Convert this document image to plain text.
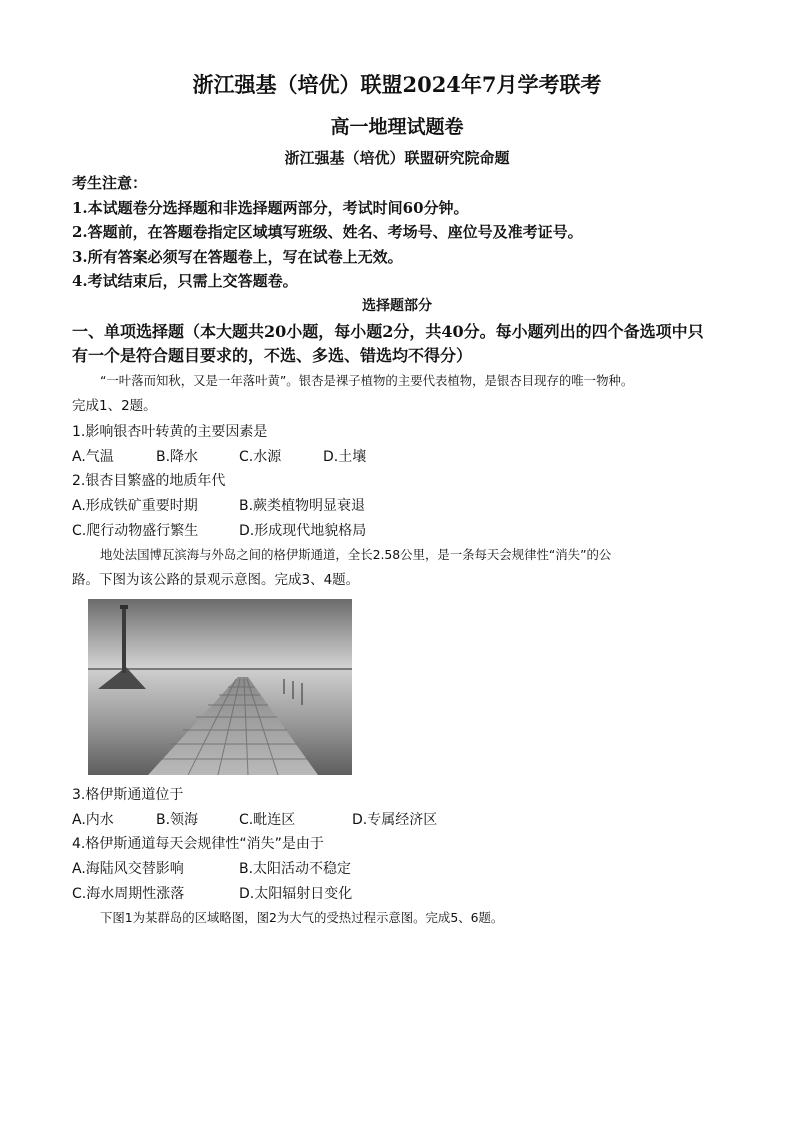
浙江强基（培优）联盟2024年7月学考联考
高一地理试题卷
浙江强基（培优）联盟研究院命题
考生注意：
1.本试题卷分选择题和非选择题两部分，考试时间60分钟。
2.答题前，在答题卷指定区域填写班级、姓名、考场号、座位号及准考证号。
3.所有答案必须写在答题卷上，写在试卷上无效。
4.考试结束后，只需上交答题卷。
选择题部分
一、单项选择题（本大题共20小题，每小题2分，共40分。每小题列出的四个备选项中只
有一个是符合题目要求的，不选、多选、错选均不得分）
“一叶落而知秋，又是一年落叶黄”。银杏是裸子植物的主要代表植物，是银杏目现存的唯一物种。
完成1、2题。
1.影响银杏叶转黄的主要因素是
A.气温	B.降水	C.水源	D.土壤
2.银杏目繁盛的地质年代
A.形成铁矿重要时期	B.蕨类植物明显衰退
C.爬行动物盛行繁生	D.形成现代地貌格局
地处法国博瓦滨海与外岛之间的格伊斯通道，全长2.58公里，是一条每天会规律性“消失”的公
路。下图为该公路的景观示意图。完成3、4题。
3.格伊斯通道位于
A.内水	B.领海	C.毗连区	D.专属经济区
4.格伊斯通道每天会规律性“消失”是由于
A.海陆风交替影响	B.太阳活动不稳定
C.海水周期性涨落	D.太阳辐射日变化
下图1为某群岛的区域略图，图2为大气的受热过程示意图。完成5、6题。
